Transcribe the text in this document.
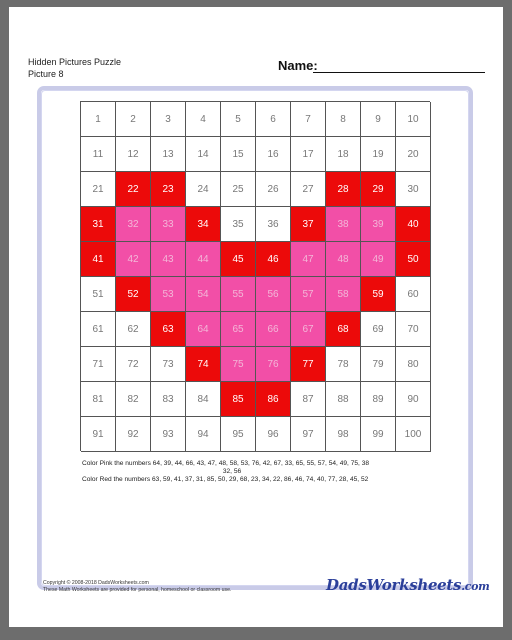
Hidden Pictures Puzzle
Picture 8
Name:
1	2	3	4	5	6	7	8	9	10
11	12	13	14	15	16	17	18	19	20
21	22	23	24	25	26	27	28	29	30
31	32	33	34	35	36	37	38	39	40
41	42	43	44	45	46	47	48	49	50
51	52	53	54	55	56	57	58	59	60
61	62	63	64	65	66	67	68	69	70
71	72	73	74	75	76	77	78	79	80
81	82	83	84	85	86	87	88	89	90
91	92	93	94	95	96	97	98	99	100
Color Pink the numbers 64, 39, 44, 66, 43, 47, 48, 58, 53, 76, 42, 67, 33, 65, 55, 57, 54, 49, 75, 38
32, 56
Color Red the numbers 63, 59, 41, 37, 31, 85, 50, 29, 68, 23, 34, 22, 86, 46, 74, 40, 77, 28, 45, 52
Copyright © 2008-2018 DadsWorksheets.com
These Math Worksheets are provided for personal, homeschool or classroom use.	DadsWorksheets.com
